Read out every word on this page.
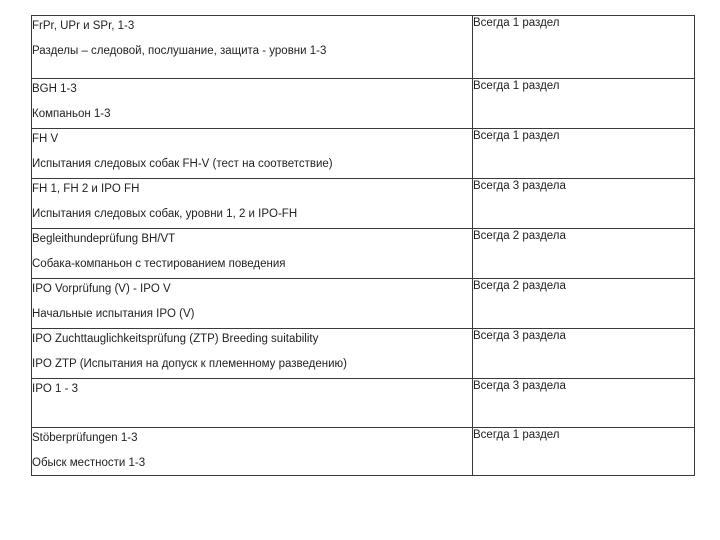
FrPr, UPr и SPr, 1-3
Разделы – следовой, послушание, защита - уровни 1-3	Всегда 1 раздел

BGH 1-3
Компаньон 1-3	Всегда 1 раздел

FH V
Испытания следовых собак FH-V (тест на соответствие)	Всегда 1 раздел

FH 1, FH 2 и IPO FH
Испытания следовых собак, уровни 1, 2 и IPO-FH	Всегда 3 раздела

Begleithundeprüfung BH/VT
Собака-компаньон с тестированием поведения	Всегда 2 раздела

IPO Vorprüfung (V) - IPO V
Начальные испытания IPO (V)	Всегда 2 раздела

IPO Zuchttauglichkeitsprüfung (ZTP) Breeding suitability
IPO ZTP (Испытания на допуск к племенному разведению)	Всегда 3 раздела

IPO 1 - 3	Всегда 3 раздела

Stöberprüfungen 1-3
Обыск местности 1-3	Всегда 1 раздел
